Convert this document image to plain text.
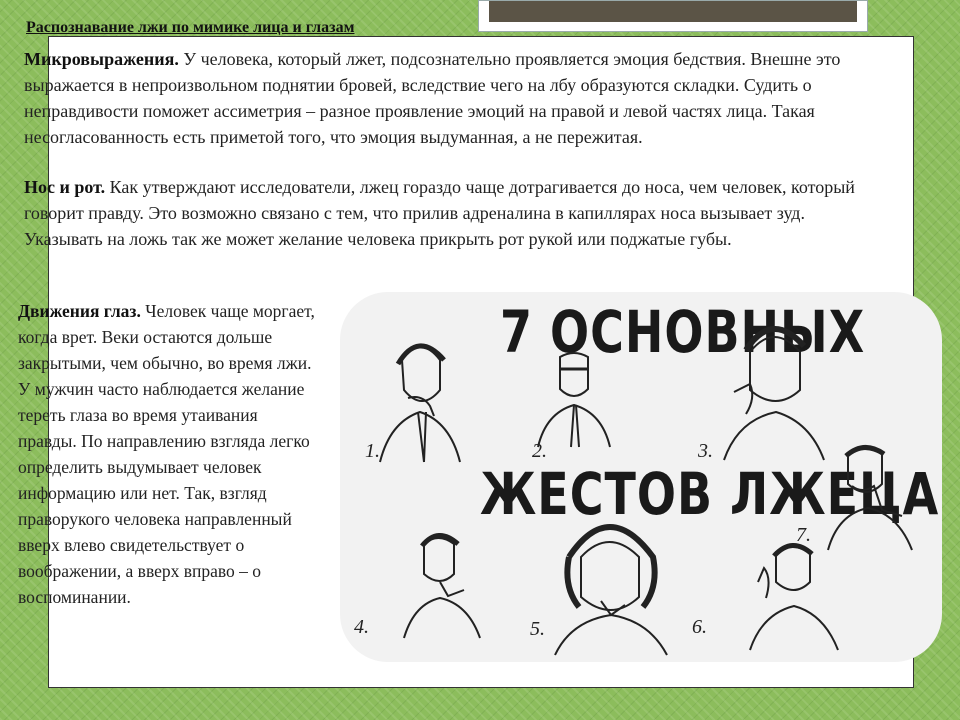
Распознавание лжи по мимике лица и глазам

Микровыражения. У человека, который лжет, подсознательно проявляется эмоция бедствия. Внешне это выражается в непроизвольном поднятии бровей, вследствие чего на лбу образуются складки. Судить о неправдивости поможет ассиметрия – разное проявление эмоций на правой и левой частях лица. Такая несогласованность есть приметой того, что эмоция выдуманная, а не пережитая.

Нос и рот. Как утверждают исследователи, лжец гораздо чаще дотрагивается до носа, чем человек, который говорит правду. Это возможно связано с тем, что прилив адреналина в капиллярах носа вызывает зуд. Указывать на ложь так же может желание человека прикрыть рот рукой или поджатые губы.

Движения глаз. Человек чаще моргает, когда врет. Веки остаются дольше закрытыми, чем обычно, во время лжи. У мужчин часто наблюдается желание тереть глаза во время утаивания правды. По направлению взгляда легко определить выдумывает человек информацию или нет. Так, взгляд праворукого человека направленный вверх влево свидетельствует о воображении, а вверх вправо – о воспоминании.

7 ОСНОВНЫХ
ЖЕСТОВ ЛЖЕЦА
1.	2.	3.
7.
4.	5.	6.
